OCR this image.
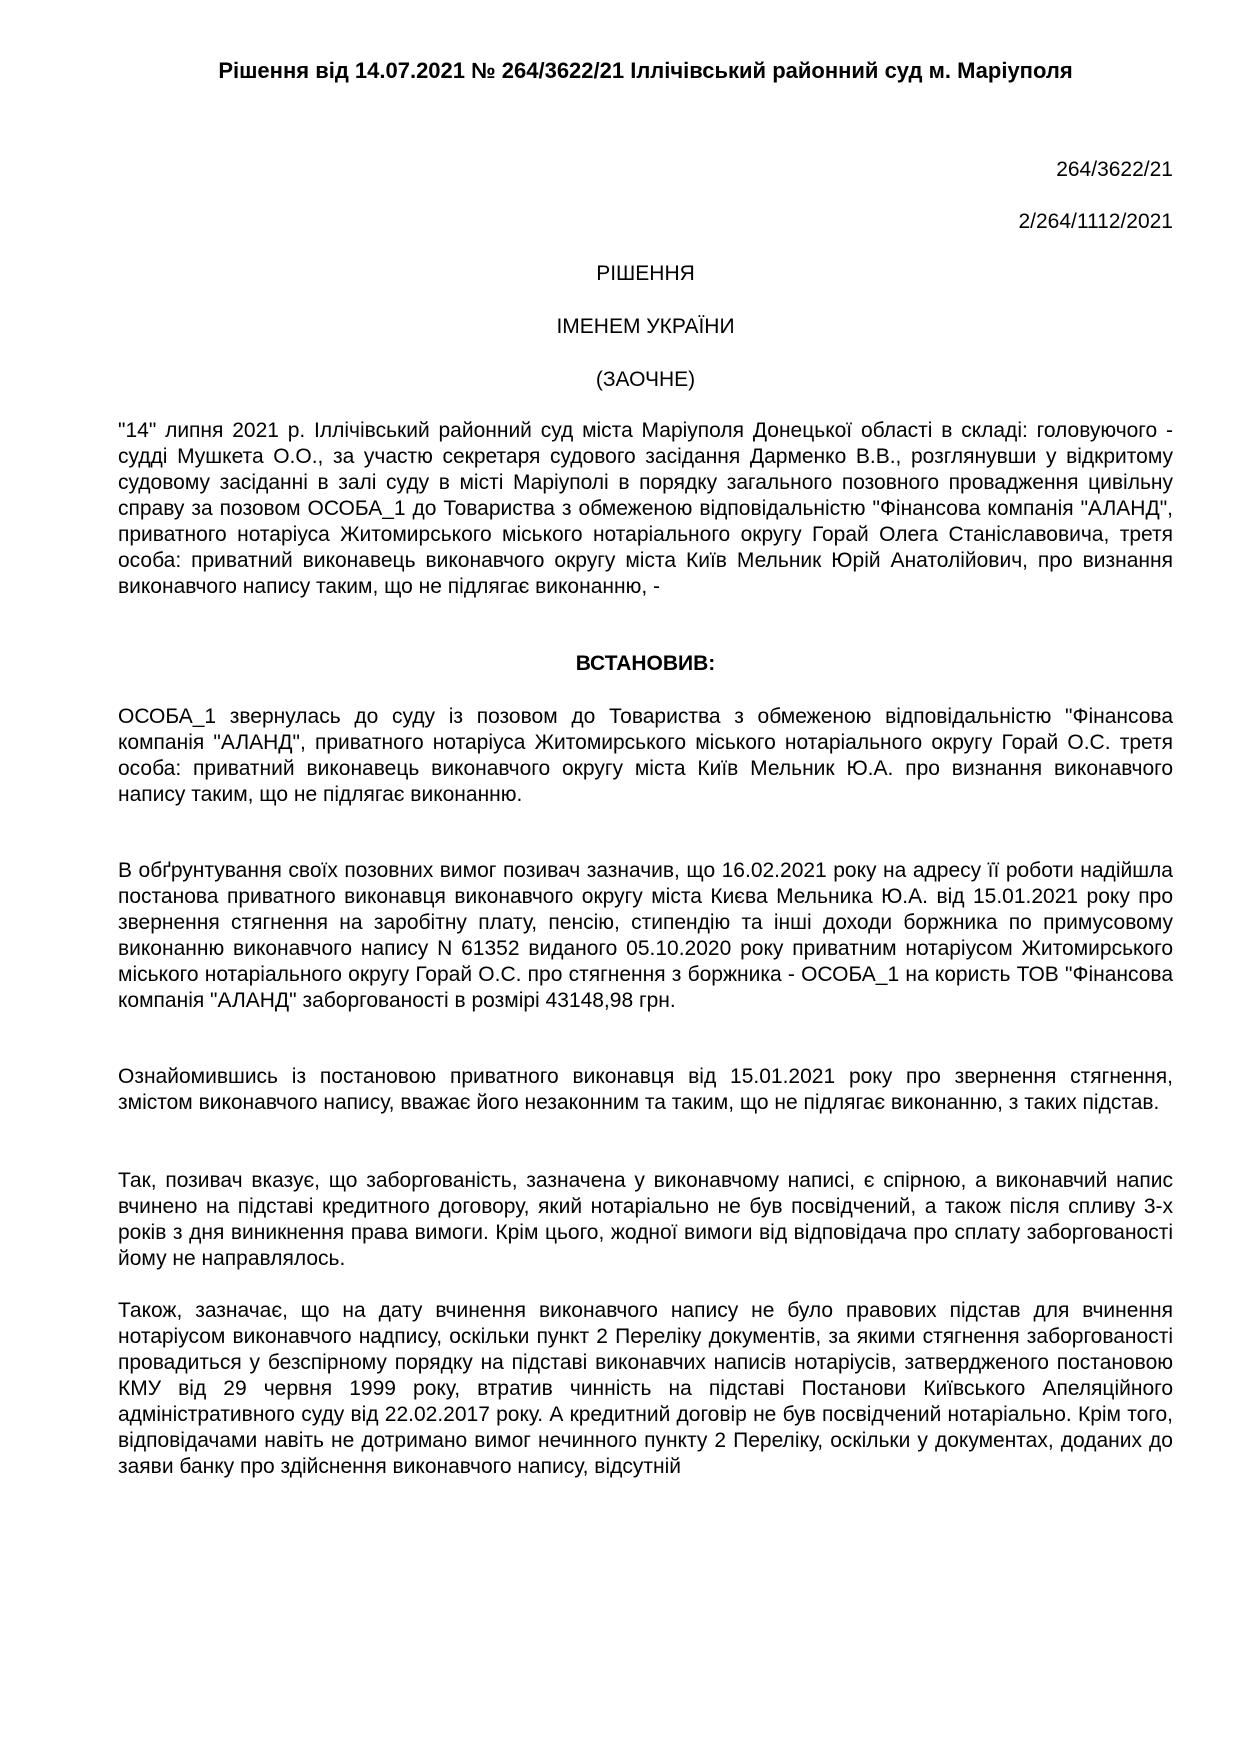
Рішення від 14.07.2021 № 264/3622/21 Іллічівський районний суд м. Маріуполя
264/3622/21
2/264/1112/2021
РІШЕННЯ
ІМЕНЕМ УКРАЇНИ
(ЗАОЧНЕ)
"14" липня 2021 р. Іллічівський районний суд міста Маріуполя Донецької області в складі: головуючого - судді Мушкета О.О., за участю секретаря судового засідання Дарменко В.В., розглянувши у відкритому судовому засіданні в залі суду в місті Маріуполі в порядку загального позовного провадження цивільну справу за позовом ОСОБА_1 до Товариства з обмеженою відповідальністю "Фінансова компанія "АЛАНД", приватного нотаріуса Житомирського міського нотаріального округу Горай Олега Станіславовича, третя особа: приватний виконавець виконавчого округу міста Київ Мельник Юрій Анатолійович, про визнання виконавчого напису таким, що не підлягає виконанню, -
ВСТАНОВИВ:
ОСОБА_1 звернулась до суду із позовом до Товариства з обмеженою відповідальністю "Фінансова компанія "АЛАНД", приватного нотаріуса Житомирського міського нотаріального округу Горай О.С. третя особа: приватний виконавець виконавчого округу міста Київ Мельник Ю.А. про визнання виконавчого напису таким, що не підлягає виконанню.
В обґрунтування своїх позовних вимог позивач зазначив, що 16.02.2021 року на адресу її роботи надійшла постанова приватного виконавця виконавчого округу міста Києва Мельника Ю.А. від 15.01.2021 року про звернення стягнення на заробітну плату, пенсію, стипендію та інші доходи боржника по примусовому виконанню виконавчого напису N 61352 виданого 05.10.2020 року приватним нотаріусом Житомирського міського нотаріального округу Горай О.С. про стягнення з боржника - ОСОБА_1 на користь ТОВ "Фінансова компанія "АЛАНД" заборгованості в розмірі 43148,98 грн.
Ознайомившись із постановою приватного виконавця від 15.01.2021 року про звернення стягнення, змістом виконавчого напису, вважає його незаконним та таким, що не підлягає виконанню, з таких підстав.
Так, позивач вказує, що заборгованість, зазначена у виконавчому написі, є спірною, а виконавчий напис вчинено на підставі кредитного договору, який нотаріально не був посвідчений, а також після спливу 3-х років з дня виникнення права вимоги. Крім цього, жодної вимоги від відповідача про сплату заборгованості йому не направлялось.
Також, зазначає, що на дату вчинення виконавчого напису не було правових підстав для вчинення нотаріусом виконавчого надпису, оскільки пункт 2 Переліку документів, за якими стягнення заборгованості провадиться у безспірному порядку на підставі виконавчих написів нотаріусів, затвердженого постановою КМУ від 29 червня 1999 року, втратив чинність на підставі Постанови Київського Апеляційного адміністративного суду від 22.02.2017 року. А кредитний договір не був посвідчений нотаріально. Крім того, відповідачами навіть не дотримано вимог нечинного пункту 2 Переліку, оскільки у документах, доданих до заяви банку про здійснення виконавчого напису, відсутній
